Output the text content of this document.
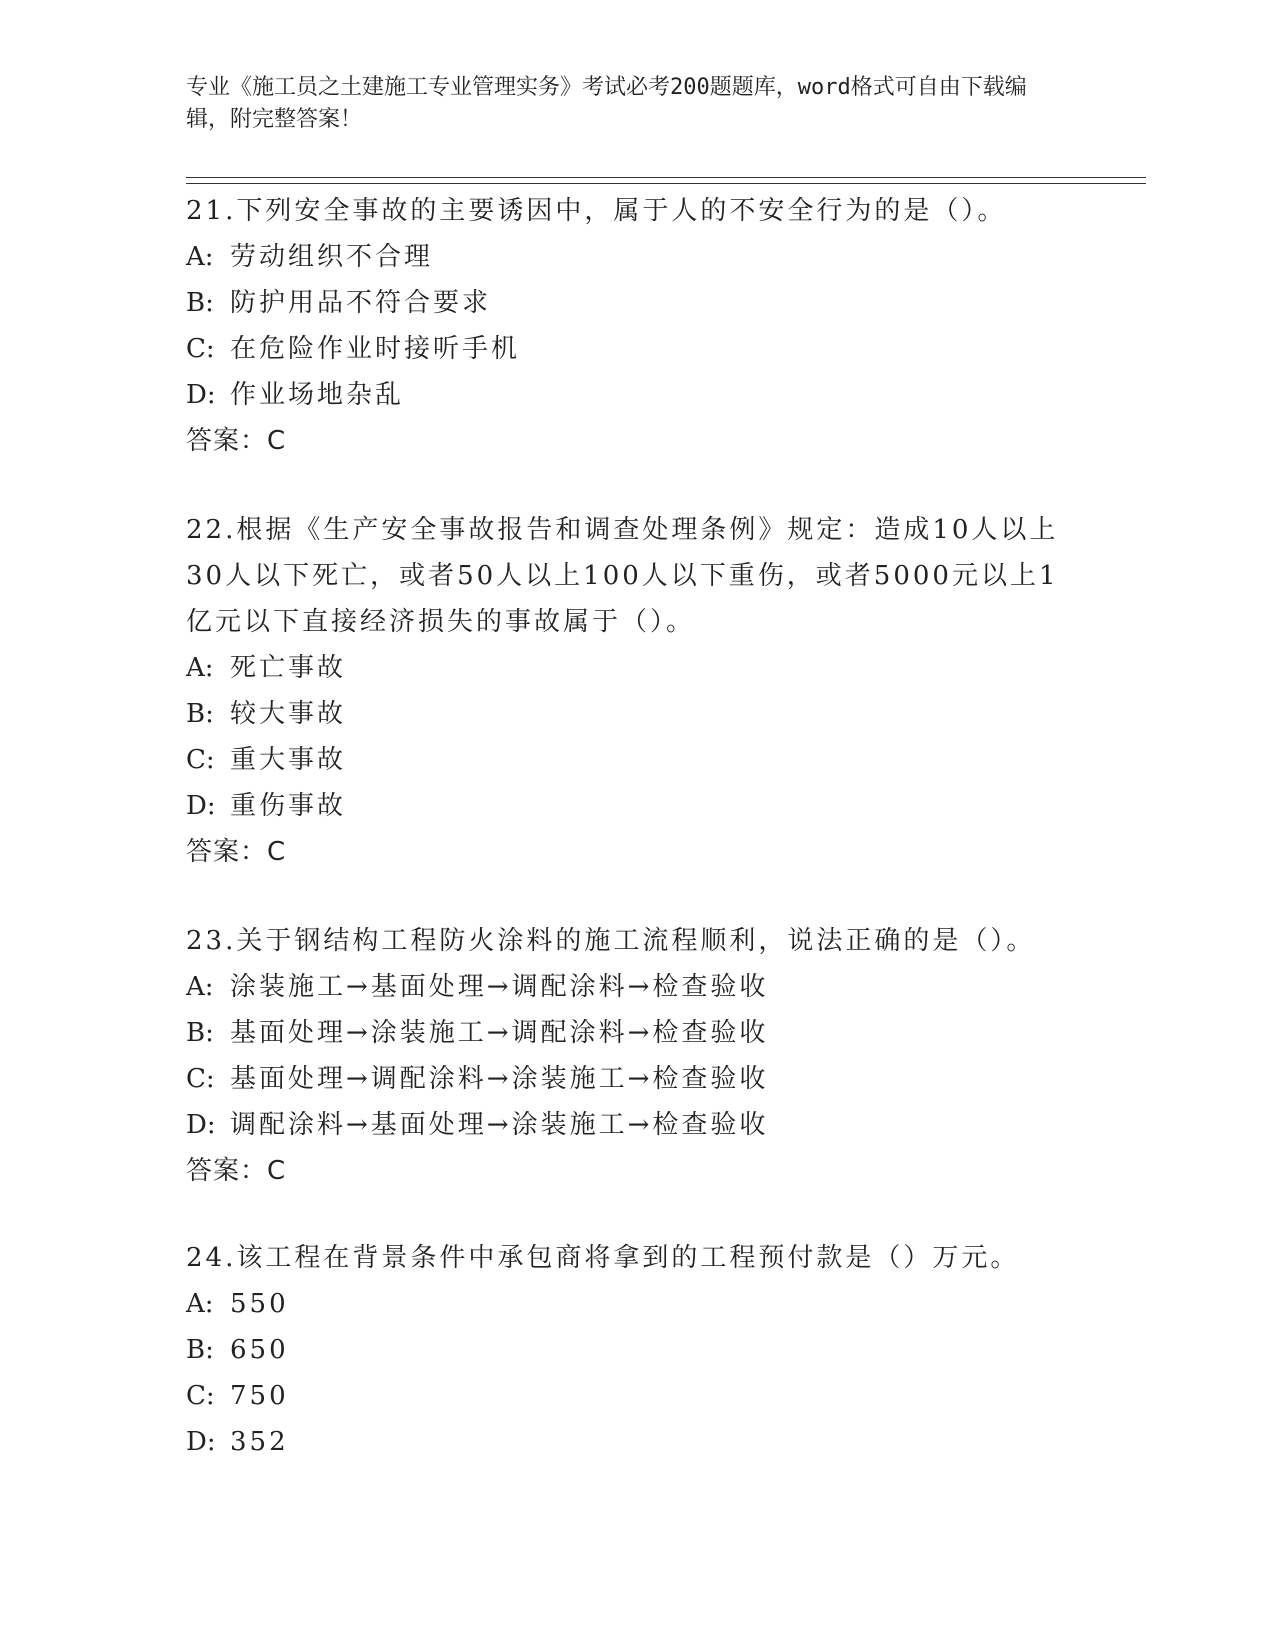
专业《施工员之土建施工专业管理实务》考试必考200题题库，word格式可自由下载编辑，附完整答案！

21.下列安全事故的主要诱因中，属于人的不安全行为的是（）。

A: 劳动组织不合理

B: 防护用品不符合要求

C: 在危险作业时接听手机

D: 作业场地杂乱

答案：C

22.根据《生产安全事故报告和调查处理条例》规定：造成10人以上30人以下死亡，或者50人以上100人以下重伤，或者5000元以上1亿元以下直接经济损失的事故属于（）。

A: 死亡事故

B: 较大事故

C: 重大事故

D: 重伤事故

答案：C

23.关于钢结构工程防火涂料的施工流程顺利，说法正确的是（）。

A: 涂装施工→基面处理→调配涂料→检查验收

B: 基面处理→涂装施工→调配涂料→检查验收

C: 基面处理→调配涂料→涂装施工→检查验收

D: 调配涂料→基面处理→涂装施工→检查验收

答案：C

24.该工程在背景条件中承包商将拿到的工程预付款是（）万元。

A: 550

B: 650

C: 750

D: 352
